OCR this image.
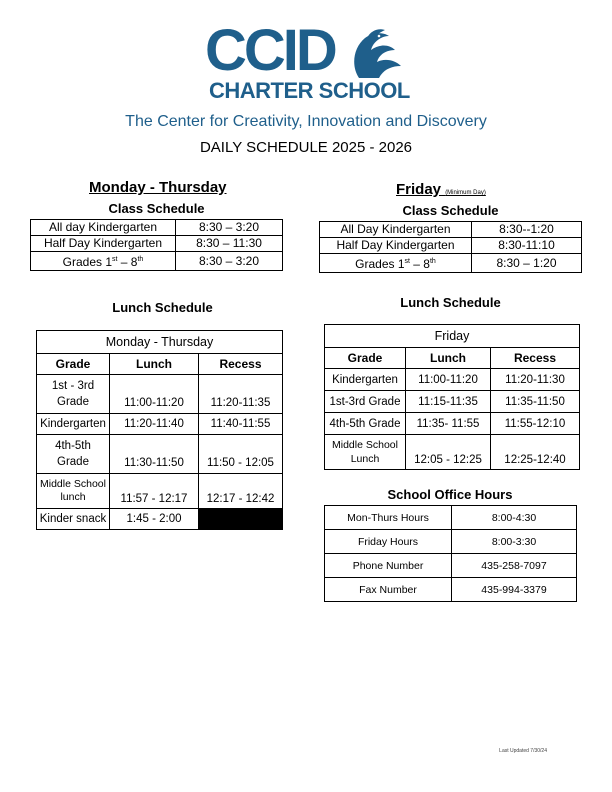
CCID
CHARTER SCHOOL
The Center for Creativity, Innovation and Discovery
DAILY SCHEDULE 2025 - 2026
Monday - Thursday
Class Schedule
All day Kindergarten	8:30 – 3:20
Half Day Kindergarten	8:30 – 11:30
Grades 1st – 8th	8:30 – 3:20
Lunch Schedule
Monday - Thursday		
Grade	Lunch	Recess
1st - 3rd
Grade	11:00-11:20	11:20-11:35
Kindergarten	11:20-11:40	11:40-11:55
4th-5th
Grade	11:30-11:50	11:50 - 12:05
Middle School
lunch	11:57 - 12:17	12:17 - 12:42
Kinder snack	1:45 - 2:00	
Friday (Minimum Day)
Class Schedule
All Day Kindergarten	8:30--1:20
Half Day Kindergarten	8:30-11:10
Grades 1st – 8th	8:30 – 1:20
Lunch Schedule
Friday		
Grade	Lunch	Recess
Kindergarten	11:00-11:20	11:20-11:30
1st-3rd Grade	11:15-11:35	11:35-11:50
4th-5th Grade	11:35- 11:55	11:55-12:10
Middle School
Lunch	12:05 - 12:25	12:25-12:40
School Office Hours
Mon-Thurs Hours	8:00-4:30
Friday Hours	8:00-3:30
Phone Number	435-258-7097
Fax Number	435-994-3379
Last Updated 7/30/24
